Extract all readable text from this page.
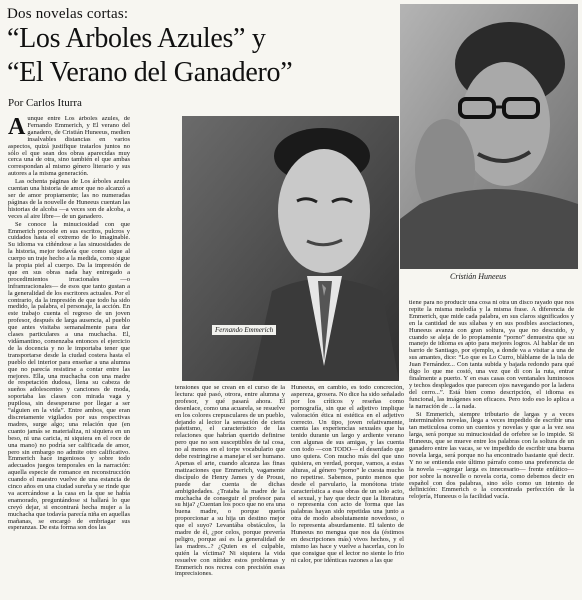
Dos novelas cortas:
“Los Arboles Azules” y
“El Verano del Ganadero”
Por Carlos Iturra
Cristián Huneeus
Fernando Emmerich

Aunque entre Los árboles azules, de Fernando Emmerich, y El verano del ganadero, de Cristián Huneeus, medien insalvables distancias en varios aspectos, quizá justifique tratarlos juntos no sólo el que sean dos obras aparecidas muy cerca una de otra, sino también el que ambas correspondan al mismo género literario y sus autores a la misma generación.

Las ochenta páginas de Los árboles azules cuentan una historia de amor que no alcanzó a ser de amor propiamente; las no numeradas páginas de la nouvelle de Huneeus cuentan las historias de alcoba —a veces son de alcoba, a veces al aire libre— de un ganadero.

Se conoce la minuciosidad con que Emmerich procede en sus escritos, pulcros y cuidados hasta el extremo de lo imaginable. Su idioma va ciñéndose a las sinuosidades de la historia, mejor todavía que como sigue al cuerpo un traje hecho a la medida, como sigue la propia piel al cuerpo. Da la impresión de que en sus obras nada hay entregado a procedimientos irracionales —o inframracionales— de esos que tanto gustan a la generalidad de los escritores actuales. Por el contrario, da la impresión de que todo ha sido medido, la palabra, el personaje, la acción. En este trabajo cuenta el regreso de un joven profesor, después de larga ausencia, al pueblo que antes visitaba semanalmente para dar clases particulares a una muchacha. El, vidámantino, comenzaba entonces el ejercicio de la docencia y no le importaba tener que transportarse desde la ciudad costera hasta el pueblo del interior para enseñar a una alumna que no parecía resistirse a contar entre las mejores. Ella, una muchacha con una madre de respetación dudosa, llena su cabeza de sueños adolescentes y canciones de moda, soportaba las clases con mirada vaga y pupilosa, sin desesperarse por llegar a ser “alguien en la vida”. Entre ambos, que eran discretamente vigilados por sus respectivas madres, surge algo; una relación que (en cuanto jamás se materializa, ni siquiera en un beso, ni una caricia, ni siquiera en el roce de una mano) no podría ser calificada de amor, pero sin embargo no admite otro calificativo. Emmerich hace ingeniosos y sobre todo adecuados juegos temporales en la narración: aquella especie de romance en reconstrucción cuando el maestro vuelve de una estancia de cinco años en una ciudad sureña y se rinde que va acercándose a la casa en la que se había enamorado, preguntándose si hallará lo que creyó dejar, si encontrará hecha mujer a la muchacha que todavía parecía niña en aquellas mañanas, se encargó de embriagar sus esperanzas. De esta forma son dos las

tensiones que se crean en el curso de la lectura: qué pasó, otrora, entre alumna y profesor, y qué pasará ahora. El desenlace, como una acuarela, se resuelve en los colores crepusculares de un pueblo, dejando al lector la sensación de cierta patetismo, el característico de las relaciones que habrían querido definirse pero que no son susceptibles de tal cosa, no al menos en el torpe vocabulario que debe restringirse a manejar el ser humano. Apenas el arte, cuando alcanza las finas matizaciones que Emmerich, vagamente discípulo de Henry James y de Proust, puede dar cuenta de dichas ambigüedades. ¿Trataba la madre de la muchacha de conseguir el profesor para su hija? ¿Cuentan los poco que no era una buena madre, o porque quería proporcionar a su hija un destino mejor que el suyo? Levantába obstáculos, la madre de él, ¿por celos, porque prevería peligro, porque así es la generalidad de las madres...? ¿Quien es el culpable, quién la víctima? Ni siquiera la vida resuelve con nítidez estos problemas y Emmerich nos recrea con precisión esas imprecisiones.

Huneeus, en cambio, es todo concreción, aspereza, grosera. No dice ha sido señalado por los críticos y reseñas como pornografía, sin que el adjetivo implique valoración ética ni estética en el adjetivo correcto. Un tipo, joven relativamente, cuenta las experiencias sexuales que ha tenido durante un largo y ardiente verano con algunas de sus amigas, y las cuenta con todo —con TODO— el desenfado que uno quiera. Con mucho más del que uno quisiera, en verdad, porque, vamos, a estas alturas, al género “porno” le cuesta mucho no repetirse. Sabemos, punto menos que desde el parvulario, la monótona triste característica a esas obras de un solo acto, el sexual, y hay que decir que la literatura o representa con acto de forma que las palabras hayan sido repetidas una junto a otra de modo absolutamente novedoso, o lo representa absurdamente. El talento de Huneeus no mengua que nos da (éstimos en descripciones más) vivos hechos, y el mismo las hace y vuelve a hacerlas, con lo que consigue que el lector no siente lo frio ni calor, por idénticas razones a las que

tiene para no producir una cosa ni otra un disco rayado que nos repite la misma melodía y la misma frase. A diferencia de Emmerich, que mide cada palabra, en sus claros significados y en la cantidad de sus sílabas y en sus posibles asociaciones, Huneeus avanza con gran soltura, ya que no descuido, y cuando se aleja de lo propiamente “porno” demuestra que su manejo de idioma es apto para mejores logros. Al hablar de un barrio de Santiago, por ejemplo, a donde va a visitar a una de sus amantes, dice: “Lo que es Lo Curro, bláblame de la isla de Juan Fernández... Con tanta subida y bajada redondo para qué digo lo que me costó, una vez que di con la ruta, entrar finalmente a puerto. Y en esas casas con ventanales luminosos y techos desplegados que parecen ojos navegando por la ladera del cerro...”. Está bien como descripción, el idioma es funcional, las imágenes son eficaces. Pero todo eso lo aplica a la narración de ... la nada.

Si Emmerich, siempre tributario de largas y a veces interminables novelas, llega a veces impedido de escribir una tan meticulosa como un cuentos y novelas y que a la vez sea larga, será porque su minuciosidad de orfebre se lo impide. Si Huneeus, que se mueve entre los palabras con la soltura de un ganadero entre las vacas, se ve impedido de escribir una buena novela larga, será porque no ha encontrado bastante qué decir. Y no se entienda este último párrafo como una preferencia de la novela —agregar larga es innecesario— frente enfático— por sobre la nouvelle o novela corta, como debemos decir en español con dos palabras, sino sólo como un intento de definición: Emmerich o la concentrada perfección de la relojería, Huneeus o la facilidad vacía.
